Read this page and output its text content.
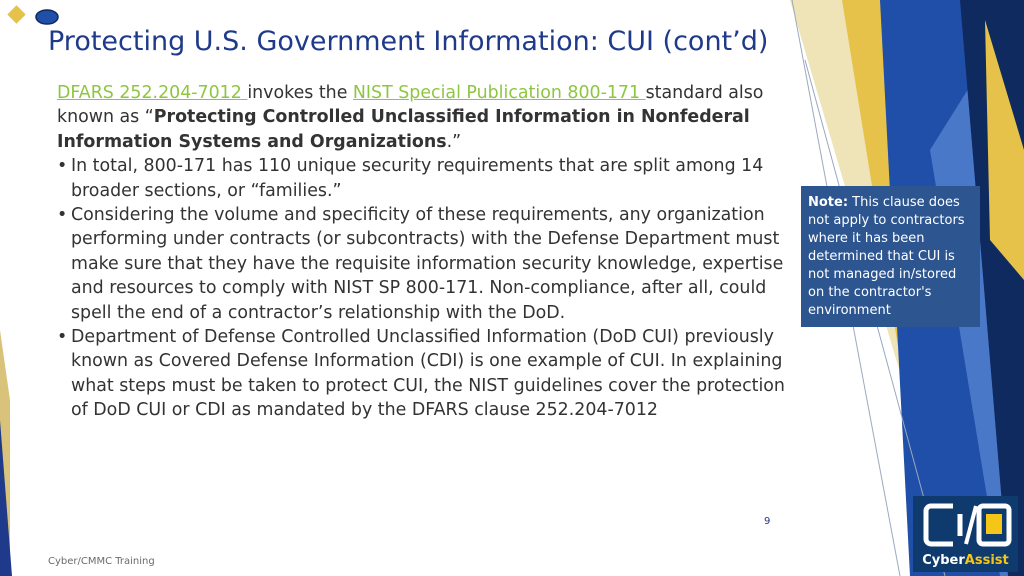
Protecting U.S. Government Information: CUI (cont’d)

DFARS 252.204-7012 invokes the NIST Special Publication 800-171 standard also known as “Protecting Controlled Unclassified Information in Nonfederal Information Systems and Organizations.”

• In total, 800-171 has 110 unique security requirements that are split among 14 broader sections, or “families.”

• Considering the volume and specificity of these requirements, any organization performing under contracts (or subcontracts) with the Defense Department must make sure that they have the requisite information security knowledge, expertise and resources to comply with NIST SP 800-171. Non-compliance, after all, could spell the end of a contractor’s relationship with the DoD.

• Department of Defense Controlled Unclassified Information (DoD CUI) previously known as Covered Defense Information (CDI) is one example of CUI. In explaining what steps must be taken to protect CUI, the NIST guidelines cover the protection of DoD CUI or CDI as mandated by the DFARS clause 252.204-7012

Note: This clause does not apply to contractors where it has been determined that CUI is not managed in/stored on the contractor's environment
9
Cyber/CMMC Training	CyberAssist
